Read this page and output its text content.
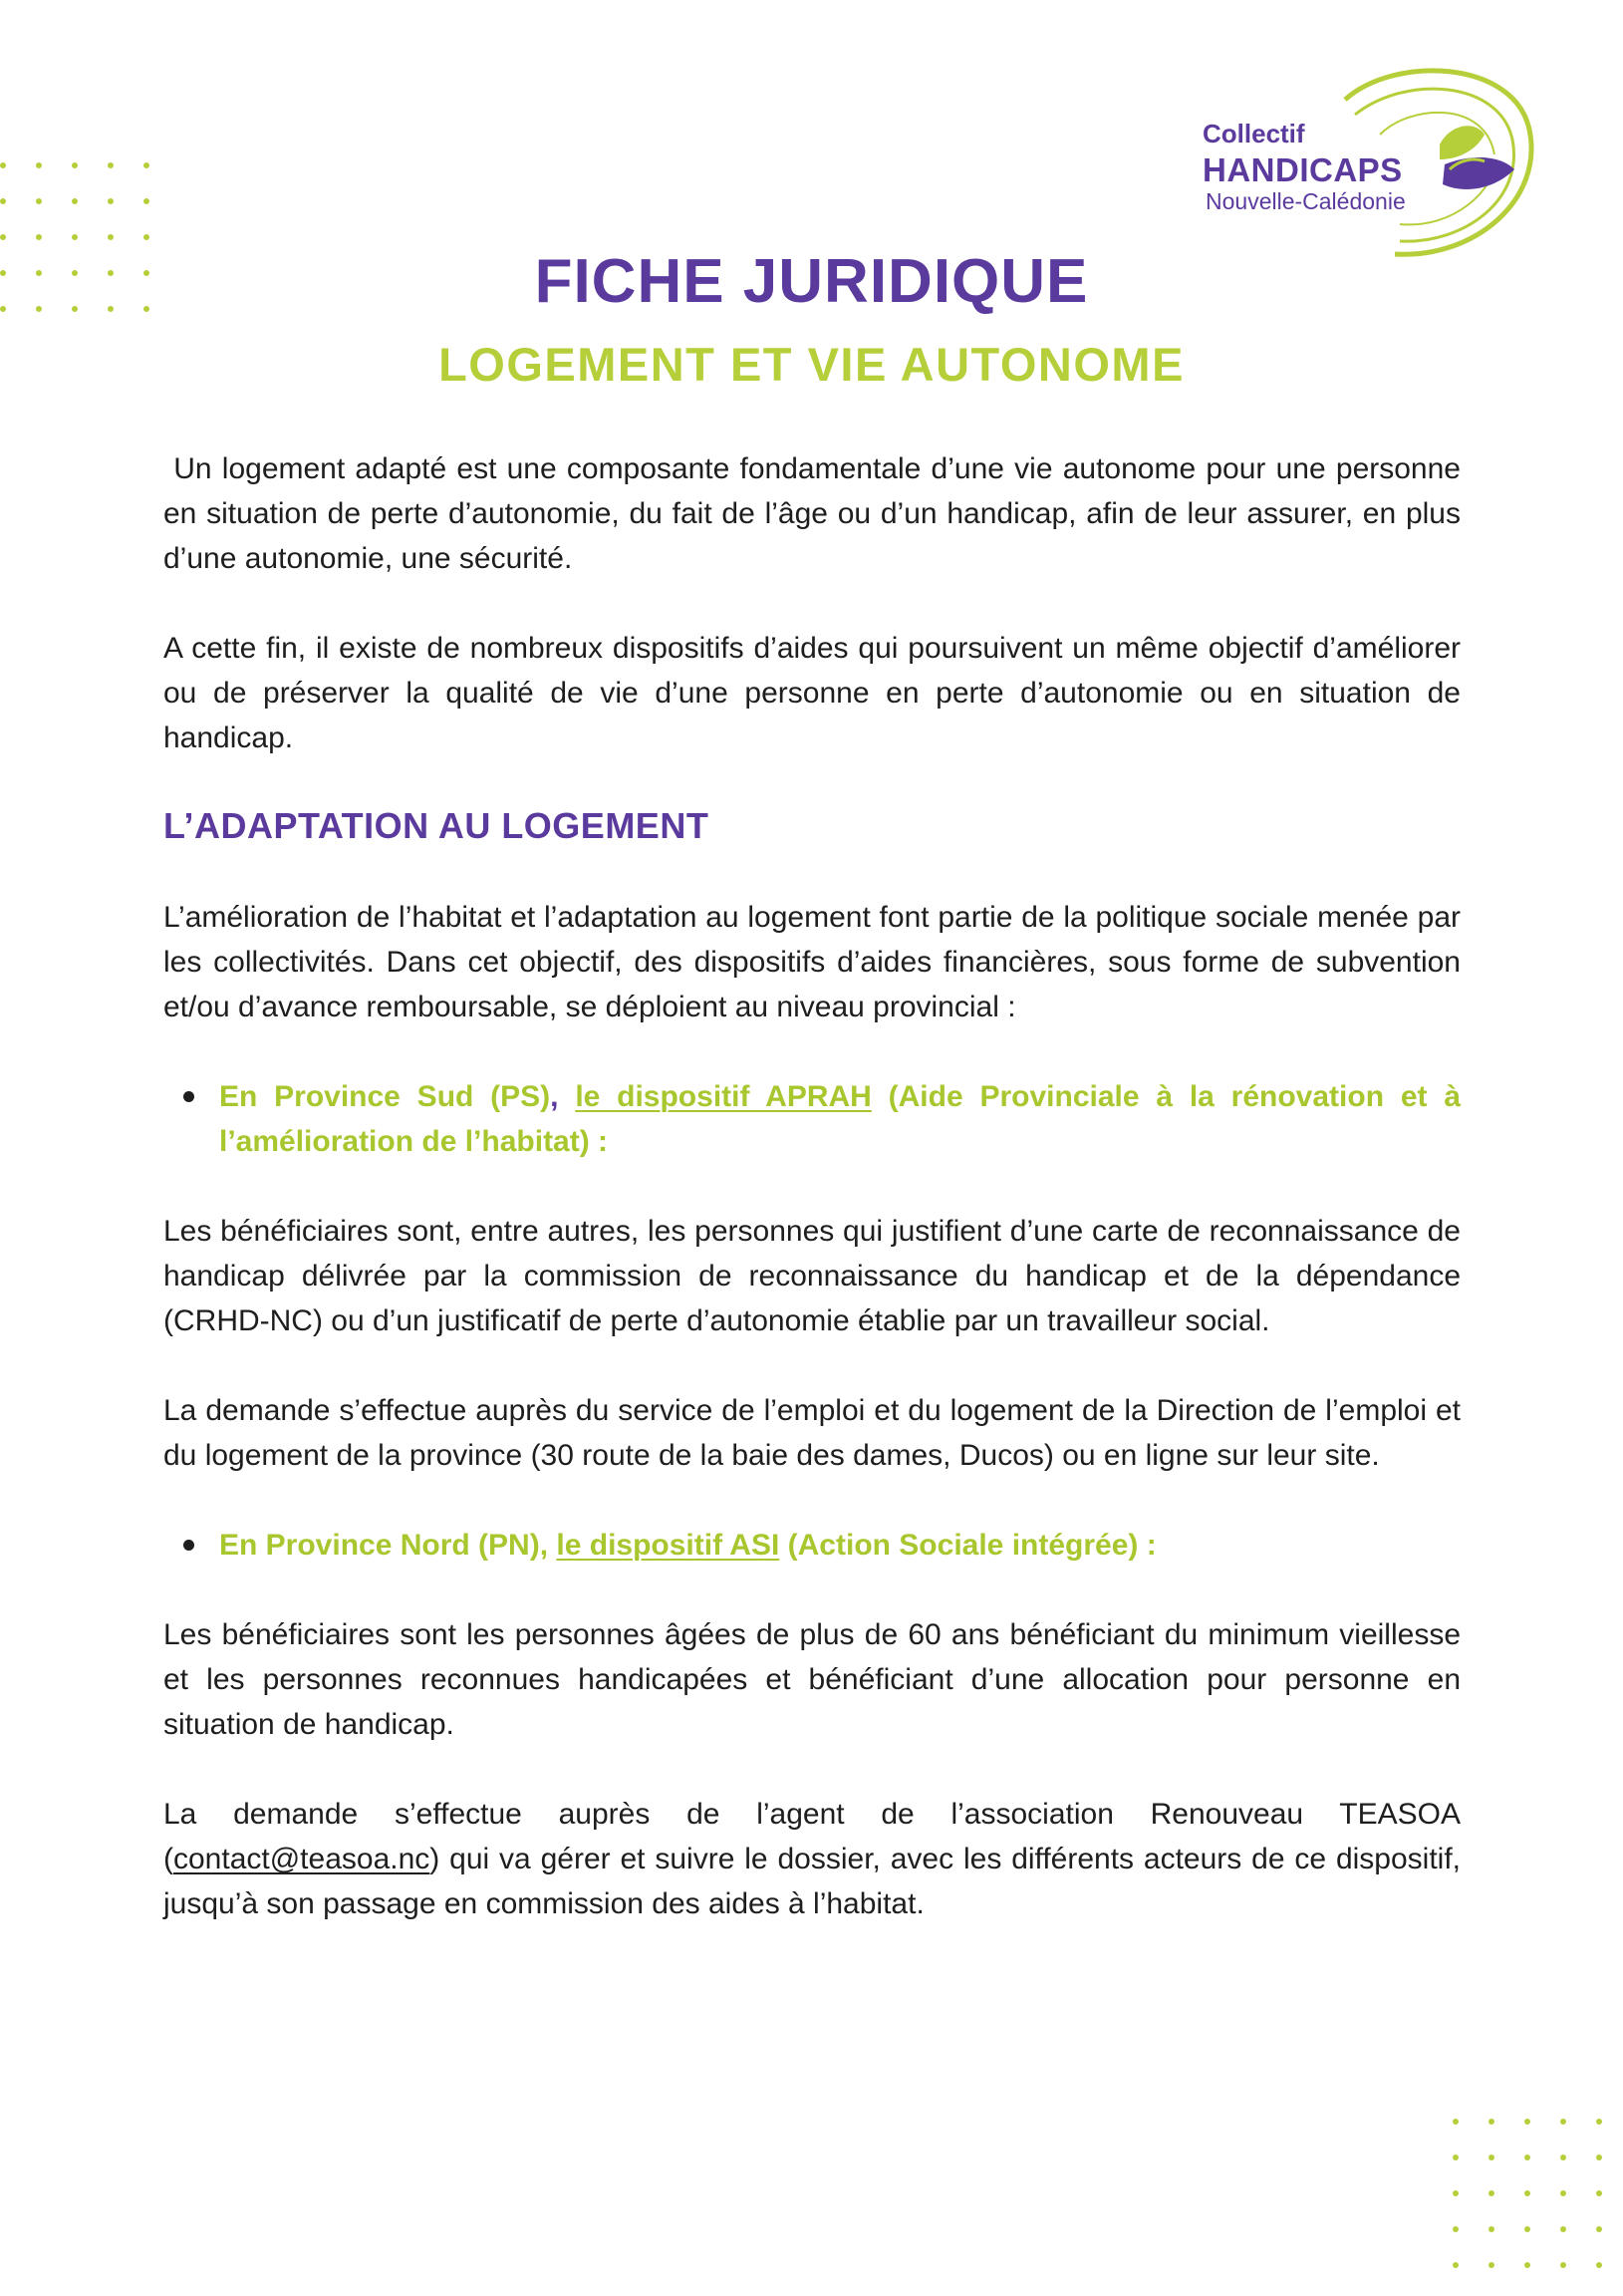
Collectif
HANDICAPS
Nouvelle-Calédonie
FICHE JURIDIQUE
LOGEMENT ET VIE AUTONOME

Un logement adapté est une composante fondamentale d’une vie autonome pour une personne en situation de perte d’autonomie, du fait de l’âge ou d’un handicap, afin de leur assurer, en plus d’une autonomie, une sécurité.

A cette fin, il existe de nombreux dispositifs d’aides qui poursuivent un même objectif d’améliorer ou de préserver la qualité de vie d’une personne en perte d’autonomie ou en situation de handicap.

L’ADAPTATION AU LOGEMENT

L’amélioration de l’habitat et l’adaptation au logement font partie de la politique sociale menée par les collectivités. Dans cet objectif, des dispositifs d’aides financières, sous forme de subvention et/ou d’avance remboursable, se déploient au niveau provincial :

En Province Sud (PS), le dispositif APRAH (Aide Provinciale à la rénovation et à l’amélioration de l’habitat) :

Les bénéficiaires sont, entre autres, les personnes qui justifient d’une carte de reconnaissance de handicap délivrée par la commission de reconnaissance du handicap et de la dépendance (CRHD-NC) ou d’un justificatif de perte d’autonomie établie par un travailleur social.

La demande s’effectue auprès du service de l’emploi et du logement de la Direction de l’emploi et du logement de la province (30 route de la baie des dames, Ducos) ou en ligne sur leur site.

En Province Nord (PN), le dispositif ASI (Action Sociale intégrée) :

Les bénéficiaires sont les personnes âgées de plus de 60 ans bénéficiant du minimum vieillesse et les personnes reconnues handicapées et bénéficiant d’une allocation pour personne en situation de handicap.

La demande s’effectue auprès de l’agent de l’association Renouveau TEASOA (contact@teasoa.nc) qui va gérer et suivre le dossier, avec les différents acteurs de ce dispositif, jusqu’à son passage en commission des aides à l’habitat.
